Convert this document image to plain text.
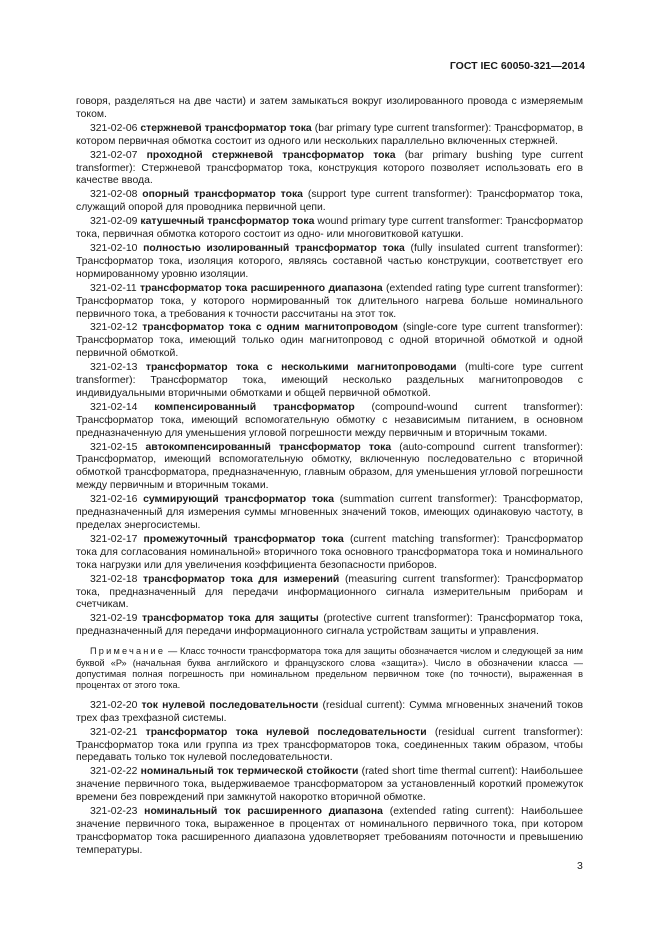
ГОСТ IEC 60050-321—2014

говоря, разделяться на две части) и затем замыкаться вокруг изолированного провода с измеряемым током.

321-02-06 стержневой трансформатор тока (bar primary type current transformer): Трансформатор, в котором первичная обмотка состоит из одного или нескольких параллельно включенных стержней.

321-02-07 проходной стержневой трансформатор тока (bar primary bushing type current transformer): Стержневой трансформатор тока, конструкция которого позволяет использовать его в качестве ввода.

321-02-08 опорный трансформатор тока (support type current transformer): Трансформатор тока, служащий опорой для проводника первичной цепи.

321-02-09 катушечный трансформатор тока wound primary type current transformer: Трансформатор тока, первичная обмотка которого состоит из одно- или многовитковой катушки.

321-02-10 полностью изолированный трансформатор тока (fully insulated current transformer): Трансформатор тока, изоляция которого, являясь составной частью конструкции, соответствует его нормированному уровню изоляции.

321-02-11 трансформатор тока расширенного диапазона (extended rating type current transformer): Трансформатор тока, у которого нормированный ток длительного нагрева больше номинального первичного тока, а требования к точности рассчитаны на этот ток.

321-02-12 трансформатор тока с одним магнитопроводом (single-core type current transformer): Трансформатор тока, имеющий только один магнитопровод с одной вторичной обмоткой и одной первичной обмоткой.

321-02-13 трансформатор тока с несколькими магнитопроводами (multi-core type current transformer): Трансформатор тока, имеющий несколько раздельных магнитопроводов с индивидуальными вторичными обмотками и общей первичной обмоткой.

321-02-14 компенсированный трансформатор (compound-wound current transformer): Трансформатор тока, имеющий вспомогательную обмотку с независимым питанием, в основном предназначенную для уменьшения угловой погрешности между первичным и вторичным токами.

321-02-15 автокомпенсированный трансформатор тока (auto-compound current transformer): Трансформатор, имеющий вспомогательную обмотку, включенную последовательно с вторичной обмоткой трансформатора, предназначенную, главным образом, для уменьшения угловой погрешности между первичным и вторичным токами.

321-02-16 суммирующий трансформатор тока (summation current transformer): Трансформатор, предназначенный для измерения суммы мгновенных значений токов, имеющих одинаковую частоту, в пределах энергосистемы.

321-02-17 промежуточный трансформатор тока (current matching transformer): Трансформатор тока для согласования номинальной» вторичного тока основного трансформатора тока и номинального тока нагрузки или для увеличения коэффициента безопасности приборов.

321-02-18 трансформатор тока для измерений (measuring current transformer): Трансформатор тока, предназначенный для передачи информационного сигнала измерительным приборам и счетчикам.

321-02-19 трансформатор тока для защиты (protective current transformer): Трансформатор тока, предназначенный для передачи информационного сигнала устройствам защиты и управления.

Примечание — Класс точности трансформатора тока для защиты обозначается числом и следующей за ним буквой «Р» (начальная буква английского и французского слова «защита»). Число в обозначении класса — допустимая полная погрешность при номинальном предельном первичном токе (по точности), выраженная в процентах от этого тока.

321-02-20 ток нулевой последовательности (residual current): Сумма мгновенных значений токов трех фаз трехфазной системы.

321-02-21 трансформатор тока нулевой последовательности (residual current transformer): Трансформатор тока или группа из трех трансформаторов тока, соединенных таким образом, чтобы передавать только ток нулевой последовательности.

321-02-22 номинальный ток термической стойкости (rated short time thermal current): Наибольшее значение первичного тока, выдерживаемое трансформатором за установленный короткий промежуток времени без повреждений при замкнутой накоротко вторичной обмотке.

321-02-23 номинальный ток расширенного диапазона (extended rating current): Наибольшее значение первичного тока, выраженное в процентах от номинального первичного тока, при котором трансформатор тока расширенного диапазона удовлетворяет требованиям поточности и превышению температуры.

3
